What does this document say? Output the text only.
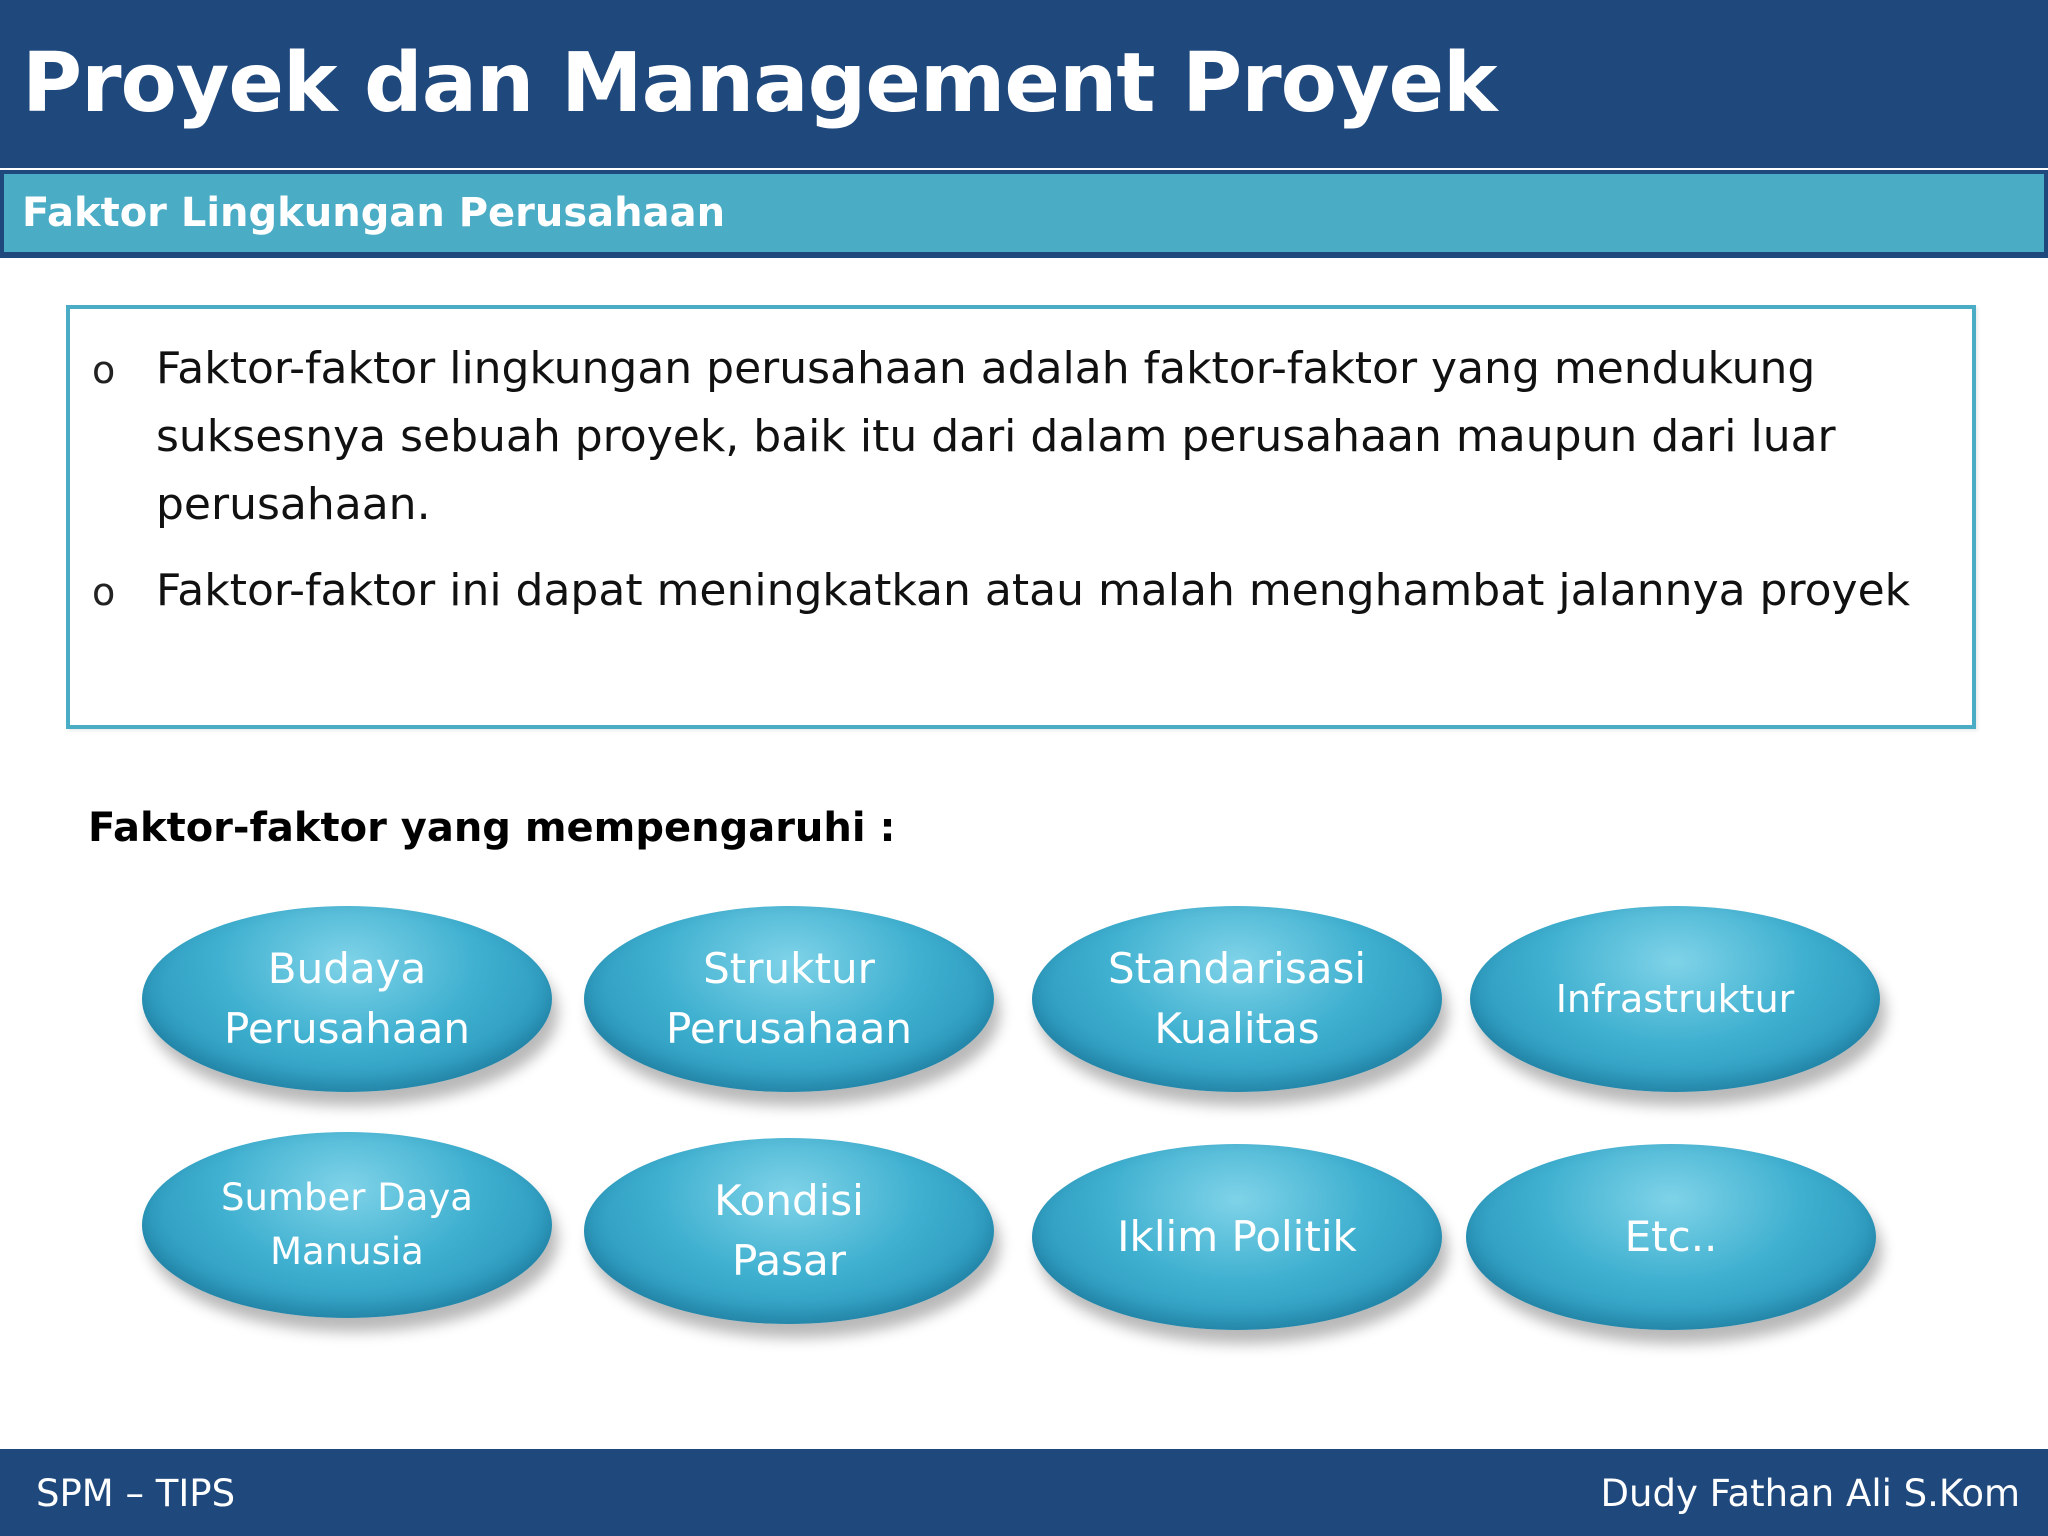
Proyek dan Management Proyek
Faktor Lingkungan Perusahaan
o Faktor-faktor lingkungan perusahaan adalah faktor-faktor yang mendukung suksesnya sebuah proyek, baik itu dari dalam perusahaan maupun dari luar perusahaan.
o Faktor-faktor ini dapat meningkatkan atau malah menghambat jalannya proyek
Faktor-faktor yang mempengaruhi :
Budaya Perusahaan
Struktur Perusahaan
Standarisasi Kualitas
Infrastruktur
Sumber Daya Manusia
Kondisi Pasar	Iklim Politik	Etc..
SPM – TIPS	Dudy Fathan Ali S.Kom
